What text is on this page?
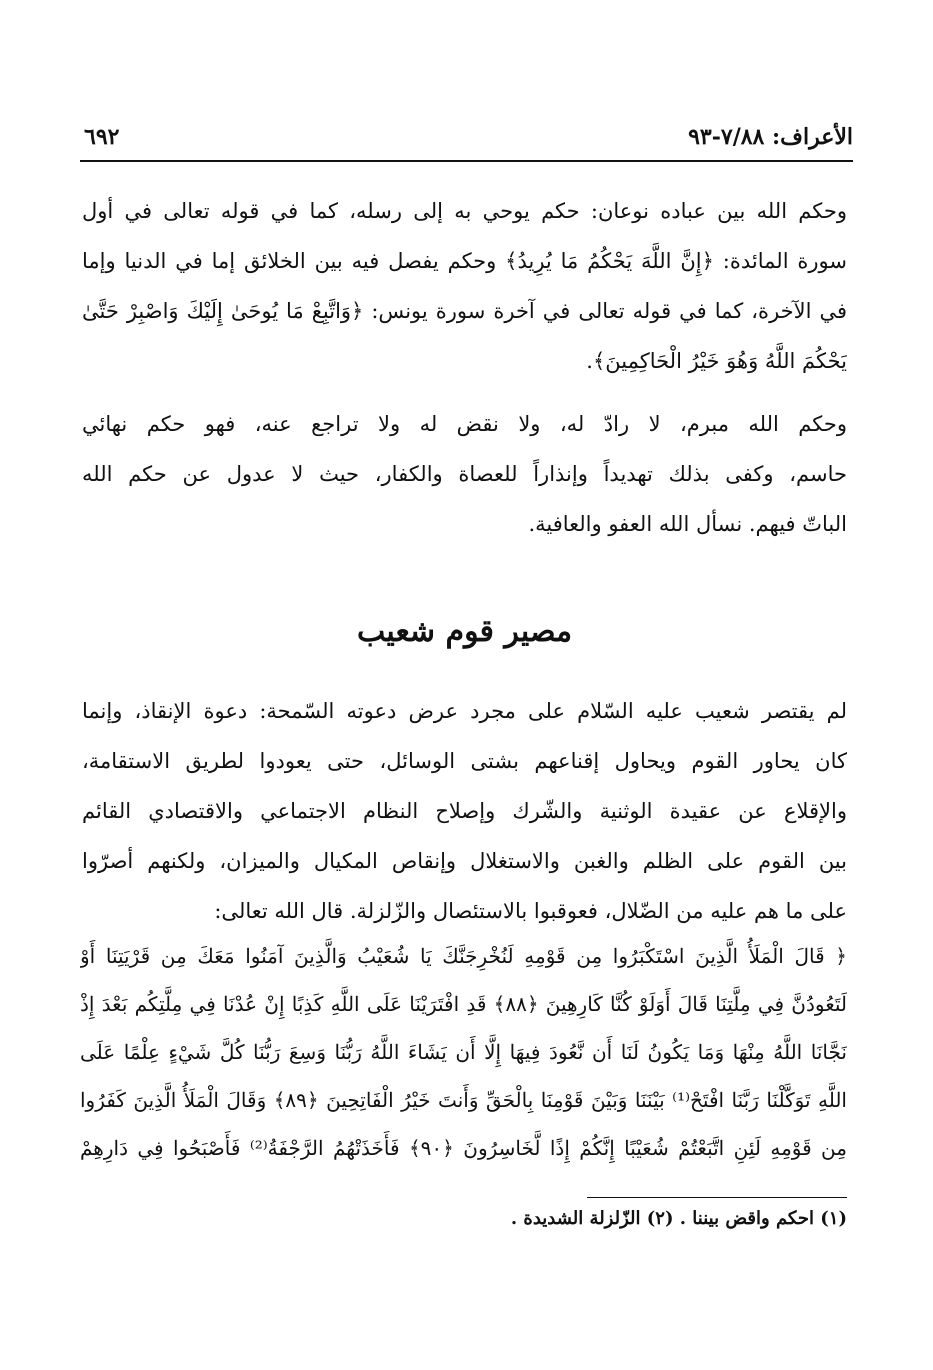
الأعراف: ٧/٨٨-٩٣
٦٩٢
وحكم الله بين عباده نوعان: حكم يوحي به إلى رسله، كما في قوله تعالى في أول
سورة المائدة: ﴿إِنَّ اللَّهَ يَحْكُمُ مَا يُرِيدُ﴾ وحكم يفصل فيه بين الخلائق إما في الدنيا وإما
في الآخرة، كما في قوله تعالى في آخرة سورة يونس: ﴿وَاتَّبِعْ مَا يُوحَىٰ إِلَيْكَ وَاصْبِرْ حَتَّىٰ
يَحْكُمَ اللَّهُ وَهُوَ خَيْرُ الْحَاكِمِينَ﴾.
وحكم الله مبرم، لا رادّ له، ولا نقض له ولا تراجع عنه، فهو حكم نهائي
حاسم، وكفى بذلك تهديداً وإنذاراً للعصاة والكفار، حيث لا عدول عن حكم الله
الباتّ فيهم. نسأل الله العفو والعافية.
مصير قوم شعيب
لم يقتصر شعيب عليه السّلام على مجرد عرض دعوته السّمحة: دعوة الإنقاذ، وإنما
كان يحاور القوم ويحاول إقناعهم بشتى الوسائل، حتى يعودوا لطريق الاستقامة،
والإقلاع عن عقيدة الوثنية والشّرك وإصلاح النظام الاجتماعي والاقتصادي القائم
بين القوم على الظلم والغبن والاستغلال وإنقاص المكيال والميزان، ولكنهم أصرّوا
على ما هم عليه من الضّلال، فعوقبوا بالاستئصال والزّلزلة. قال الله تعالى:
﴿ قَالَ الْمَلَأُ الَّذِينَ اسْتَكْبَرُوا مِن قَوْمِهِ لَنُخْرِجَنَّكَ يَا شُعَيْبُ وَالَّذِينَ آمَنُوا مَعَكَ مِن قَرْيَتِنَا أَوْ
لَتَعُودُنَّ فِي مِلَّتِنَا قَالَ أَوَلَوْ كُنَّا كَارِهِينَ ﴿٨٨﴾ قَدِ افْتَرَيْنَا عَلَى اللَّهِ كَذِبًا إِنْ عُدْنَا فِي مِلَّتِكُم بَعْدَ إِذْ
نَجَّانَا اللَّهُ مِنْهَا وَمَا يَكُونُ لَنَا أَن نَّعُودَ فِيهَا إِلَّا أَن يَشَاءَ اللَّهُ رَبُّنَا وَسِعَ رَبُّنَا كُلَّ شَيْءٍ عِلْمًا عَلَى
اللَّهِ تَوَكَّلْنَا رَبَّنَا افْتَحْ⁽¹⁾ بَيْنَنَا وَبَيْنَ قَوْمِنَا بِالْحَقِّ وَأَنتَ خَيْرُ الْفَاتِحِينَ ﴿٨٩﴾ وَقَالَ الْمَلَأُ الَّذِينَ كَفَرُوا
مِن قَوْمِهِ لَئِنِ اتَّبَعْتُمْ شُعَيْبًا إِنَّكُمْ إِذًا لَّخَاسِرُونَ ﴿٩٠﴾ فَأَخَذَتْهُمُ الرَّجْفَةُ⁽²⁾ فَأَصْبَحُوا فِي دَارِهِمْ
(١) احكم واقض بيننا . (٢) الزّلزلة الشديدة .
